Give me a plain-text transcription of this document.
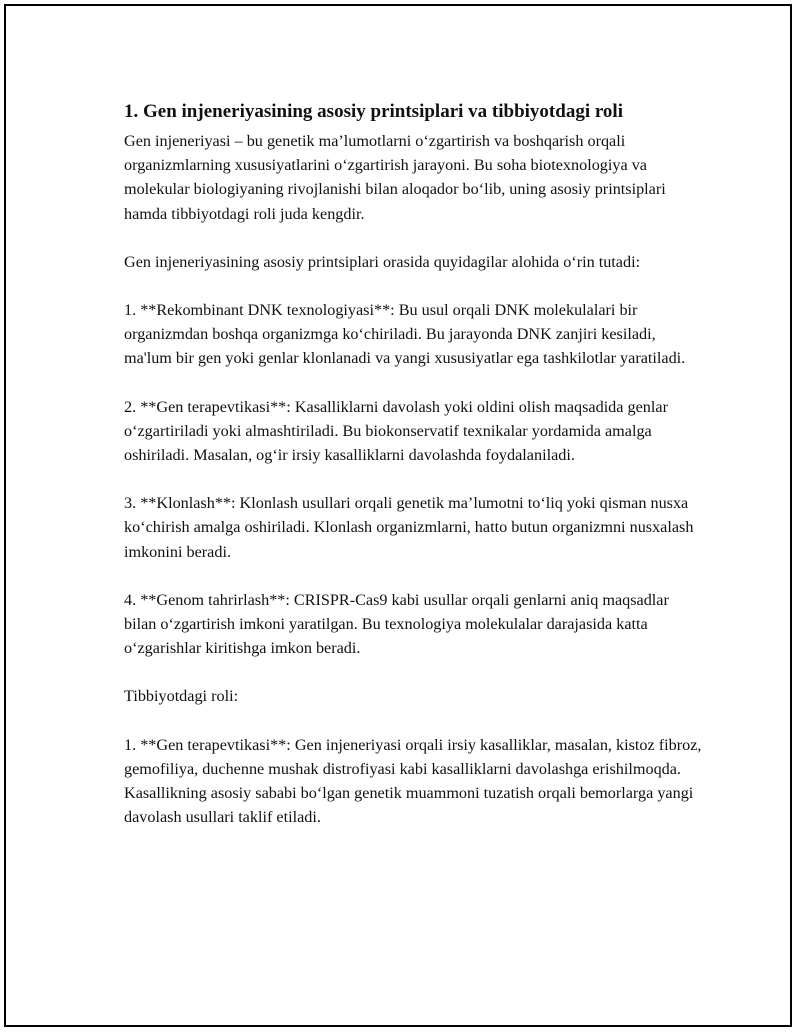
1. Gen injeneriyasining asosiy printsiplari va tibbiyotdagi roli

Gen injeneriyasi – bu genetik ma’lumotlarni o‘zgartirish va boshqarish orqali organizmlarning xususiyatlarini o‘zgartirish jarayoni. Bu soha biotexnologiya va molekular biologiyaning rivojlanishi bilan aloqador bo‘lib, uning asosiy printsiplari hamda tibbiyotdagi roli juda kengdir.

Gen injeneriyasining asosiy printsiplari orasida quyidagilar alohida o‘rin tutadi:

1. **Rekombinant DNK texnologiyasi**: Bu usul orqali DNK molekulalari bir organizmdan boshqa organizmga ko‘chiriladi. Bu jarayonda DNK zanjiri kesiladi, ma'lum bir gen yoki genlar klonlanadi va yangi xususiyatlar ega tashkilotlar yaratiladi.

2. **Gen terapevtikasi**: Kasalliklarni davolash yoki oldini olish maqsadida genlar o‘zgartiriladi yoki almashtiriladi. Bu biokonservatif texnikalar yordamida amalga oshiriladi. Masalan, og‘ir irsiy kasalliklarni davolashda foydalaniladi.

3. **Klonlash**: Klonlash usullari orqali genetik ma’lumotni to‘liq yoki qisman nusxa ko‘chirish amalga oshiriladi. Klonlash organizmlarni, hatto butun organizmni nusxalash imkonini beradi.

4. **Genom tahrirlash**: CRISPR-Cas9 kabi usullar orqali genlarni aniq maqsadlar bilan o‘zgartirish imkoni yaratilgan. Bu texnologiya molekulalar darajasida katta o‘zgarishlar kiritishga imkon beradi.

Tibbiyotdagi roli:

1. **Gen terapevtikasi**: Gen injeneriyasi orqali irsiy kasalliklar, masalan, kistoz fibroz, gemofiliya, duchenne mushak distrofiyasi kabi kasalliklarni davolashga erishilmoqda. Kasallikning asosiy sababi bo‘lgan genetik muammoni tuzatish orqali bemorlarga yangi davolash usullari taklif etiladi.
